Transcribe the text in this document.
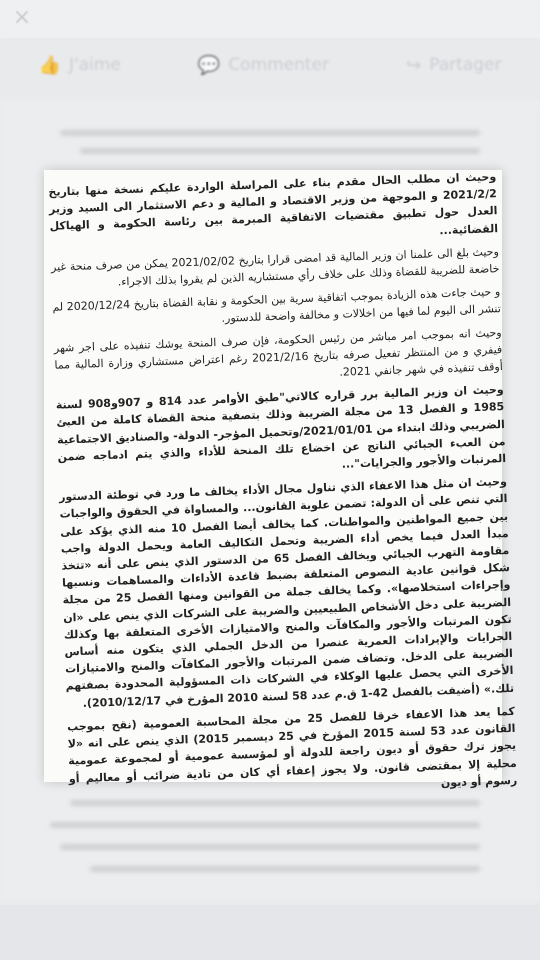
×
👍 J'aime	💬 Commenter	↪ Partager

وحيث ان مطلب الحال مقدم بناء على المراسلة الواردة عليكم نسخة منها بتاريخ 2021/2/2 و الموجهة من وزير الاقتصاد و المالية و دعم الاستثمار الى السيد وزير العدل حول تطبيق مقتضيات الاتفاقية المبرمة بين رئاسة الحكومة و الهياكل القضائية...

وحيث بلغ الى علمنا ان وزير المالية قد امضى قرارا بتاريخ 2021/02/02 يمكن من صرف منحة غير خاضعة للضريبة للقضاة وذلك على خلاف رأي مستشاريه الذين لم يقروا بذلك الاجراء.

و حيث جاءت هذه الزيادة بموجب اتفاقية سرية بين الحكومة و نقابة القضاة بتاريخ 2020/12/24 لم تنشر الى اليوم لما فيها من اخلالات و مخالفة واضحة للدستور.

وحيث انه بموجب امر مباشر من رئيس الحكومة، فإن صرف المنحة يوشك تنفيذه على اجر شهر فيفري و من المنتظر تفعيل صرفه بتاريخ 2021/2/16 رغم اعتراض مستشاري وزارة المالية مما أوقف تنفيذه في شهر جانفي 2021.

وحيث ان وزير المالية برر قراره كالاتي"طبق الأوامر عدد 814 و 907و908 لسنة 1985 و الفصل 13 من مجلة الضريبة وذلك بتصفية منحة القضاة كاملة من العبئ الضريبي وذلك ابتداء من 2021/01/01/وتحميل المؤجر- الدولة- والصناديق الاجتماعية من العبء الجبائي الناتج عن اخضاع تلك المنحة للأداء والذي يتم ادماجه ضمن المرتبات والأجور والجرايات"...

وحيث ان مثل هذا الاعفاء الذي تناول مجال الأداء يخالف ما ورد في توطئة الدستور التي تنص على أن الدولة: تضمن علوية القانون... والمساواة في الحقوق والواجبات بين جميع المواطنين والمواطنات. كما يخالف أيضا الفصل 10 منه الذي يؤكد على مبدأ العدل فيما يخص أداء الضريبة وتحمل التكاليف العامة ويحمل الدولة واجب مقاومة التهرب الجبائي ويخالف الفصل 65 من الدستور الذي ينص على أنه «تتخذ شكل قوانين عادية النصوص المتعلقة بضبط قاعدة الأداءات والمساهمات ونسبها وإجراءات استخلاصها». وكما يخالف جملة من القوانين ومنها الفصل 25 من مجلة الضريبة على دخل الأشخاص الطبيعيين والضريبة على الشركات الذي ينص على «ان تكون المرتبات والأجور والمكافآت والمنح والامتيازات الأخرى المتعلقة بها وكذلك الجرايات والإيرادات العمرية عنصرا من الدخل الجملي الذي يتكون منه أساس الضريبة على الدخل. وتضاف ضمن المرتبات والأجور المكافآت والمنح والامتيازات الأخرى التي يحصل عليها الوكلاء في الشركات ذات المسؤولية المحدودة بصفتهم تلك.» (أضيفت بالفصل 42-1 ق.م عدد 58 لسنة 2010 المؤرخ في 2010/12/17).

كما يعد هذا الاعفاء خرقا للفصل 25 من مجلة المحاسبة العمومية (نقح بموجب القانون عدد 53 لسنة 2015 المؤرخ في 25 ديسمبر 2015) الذي ينص على انه «لا يجوز ترك حقوق أو ديون راجعة للدولة أو لمؤسسة عمومية أو لمجموعة عمومية محلية إلا بمقتضى قانون. ولا يجوز إعفاء أي كان من تادية ضرائب أو معاليم أو رسوم أو ديون
